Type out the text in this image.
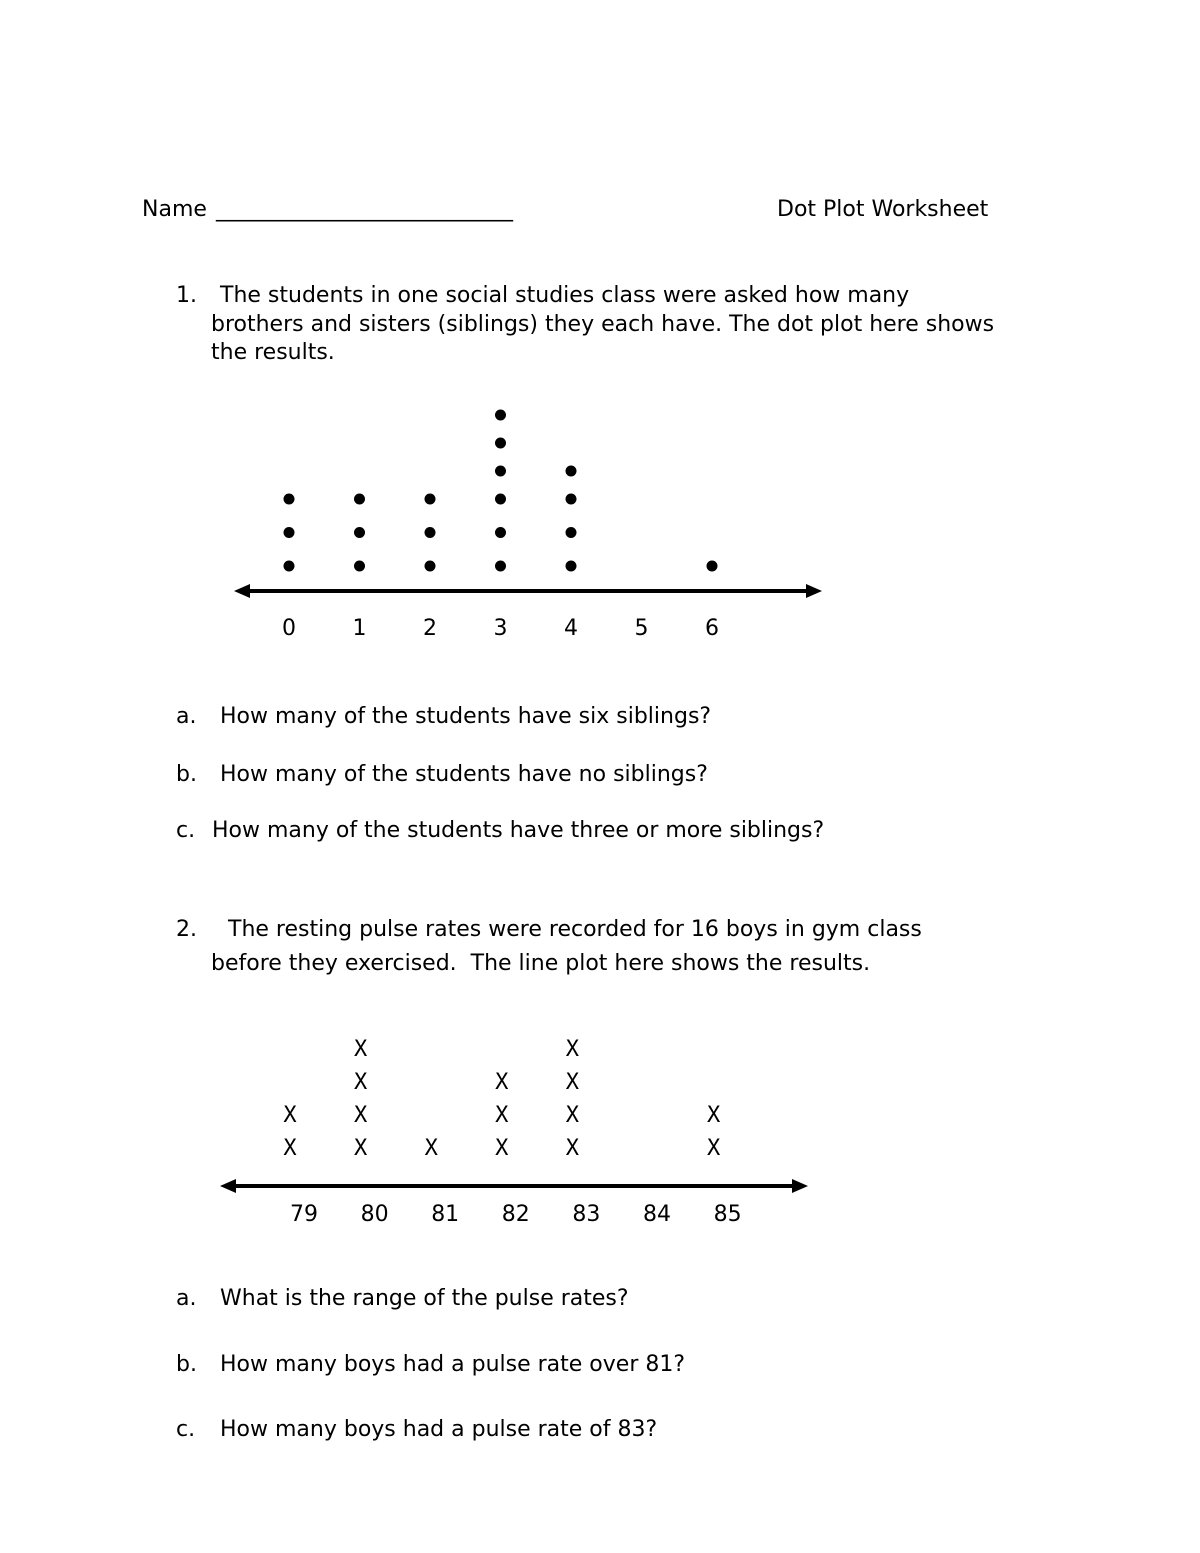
Name ___________________________	Dot Plot Worksheet
1. The students in one social studies class were asked how many
brothers and sisters (siblings) they each have. The dot plot here shows
the results.
0	1	2	3	4	5	6
a. How many of the students have six siblings?
b. How many of the students have no siblings?
c. How many of the students have three or more siblings?
2. The resting pulse rates were recorded for 16 boys in gym class
before they exercised.  The line plot here shows the results.
79
X
X
80
X
X
X
X
81
X
82
X
X
X
83
X
X
X
X
84 85
X
X
a. What is the range of the pulse rates?
b. How many boys had a pulse rate over 81?
c. How many boys had a pulse rate of 83?
